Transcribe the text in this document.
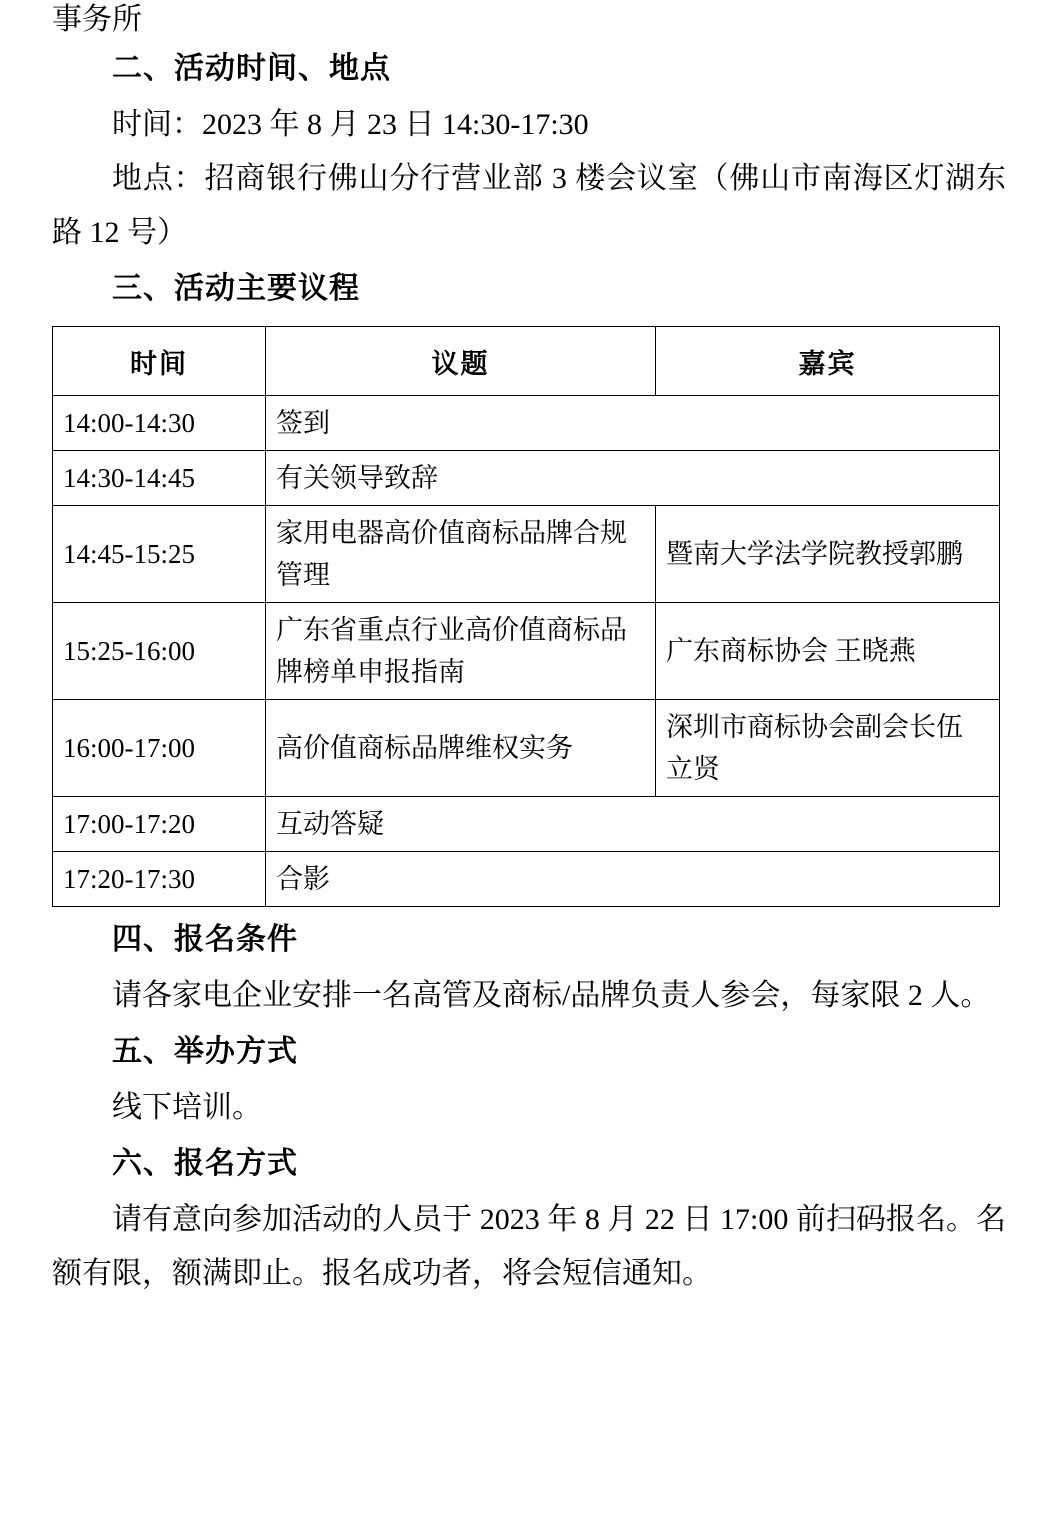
事务所

二、活动时间、地点

时间：2023 年 8 月 23 日 14:30-17:30

地点：招商银行佛山分行营业部 3 楼会议室（佛山市南海区灯湖东路 12 号）

三、活动主要议程
时间	议题	嘉宾
14:00-14:30	签到	
14:30-14:45	有关领导致辞	
14:45-15:25	家用电器高价值商标品牌合规管理	暨南大学法学院教授郭鹏
15:25-16:00	广东省重点行业高价值商标品牌榜单申报指南	广东商标协会 王晓燕
16:00-17:00	高价值商标品牌维权实务	深圳市商标协会副会长伍立贤
17:00-17:20	互动答疑	
17:20-17:30	合影	
四、报名条件

请各家电企业安排一名高管及商标/品牌负责人参会，每家限 2 人。

五、举办方式

线下培训。

六、报名方式

请有意向参加活动的人员于 2023 年 8 月 22 日 17:00 前扫码报名。名额有限，额满即止。报名成功者，将会短信通知。
